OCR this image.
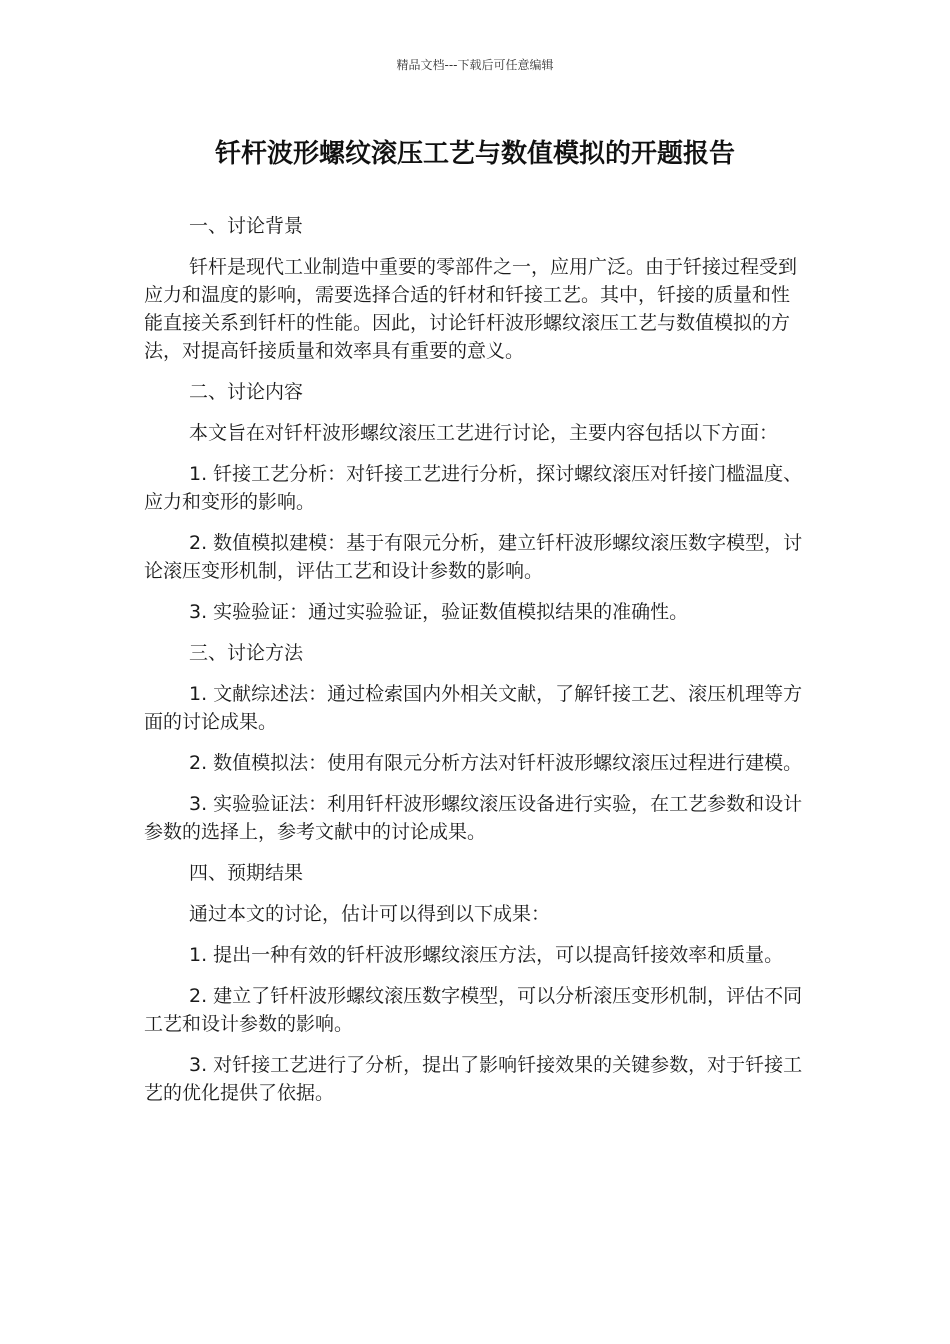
精品文档---下载后可任意编辑
钎杆波形螺纹滚压工艺与数值模拟的开题报告
一、讨论背景
钎杆是现代工业制造中重要的零部件之一，应用广泛。由于钎接过程受到应力和温度的影响，需要选择合适的钎材和钎接工艺。其中，钎接的质量和性能直接关系到钎杆的性能。因此，讨论钎杆波形螺纹滚压工艺与数值模拟的方法，对提高钎接质量和效率具有重要的意义。
二、讨论内容
本文旨在对钎杆波形螺纹滚压工艺进行讨论，主要内容包括以下方面：
1. 钎接工艺分析：对钎接工艺进行分析，探讨螺纹滚压对钎接门槛温度、应力和变形的影响。
2. 数值模拟建模：基于有限元分析，建立钎杆波形螺纹滚压数字模型，讨论滚压变形机制，评估工艺和设计参数的影响。
3. 实验验证：通过实验验证，验证数值模拟结果的准确性。
三、讨论方法
1. 文献综述法：通过检索国内外相关文献，了解钎接工艺、滚压机理等方面的讨论成果。
2. 数值模拟法：使用有限元分析方法对钎杆波形螺纹滚压过程进行建模。
3. 实验验证法：利用钎杆波形螺纹滚压设备进行实验，在工艺参数和设计参数的选择上，参考文献中的讨论成果。
四、预期结果
通过本文的讨论，估计可以得到以下成果：
1. 提出一种有效的钎杆波形螺纹滚压方法，可以提高钎接效率和质量。
2. 建立了钎杆波形螺纹滚压数字模型，可以分析滚压变形机制，评估不同工艺和设计参数的影响。
3. 对钎接工艺进行了分析，提出了影响钎接效果的关键参数，对于钎接工艺的优化提供了依据。
